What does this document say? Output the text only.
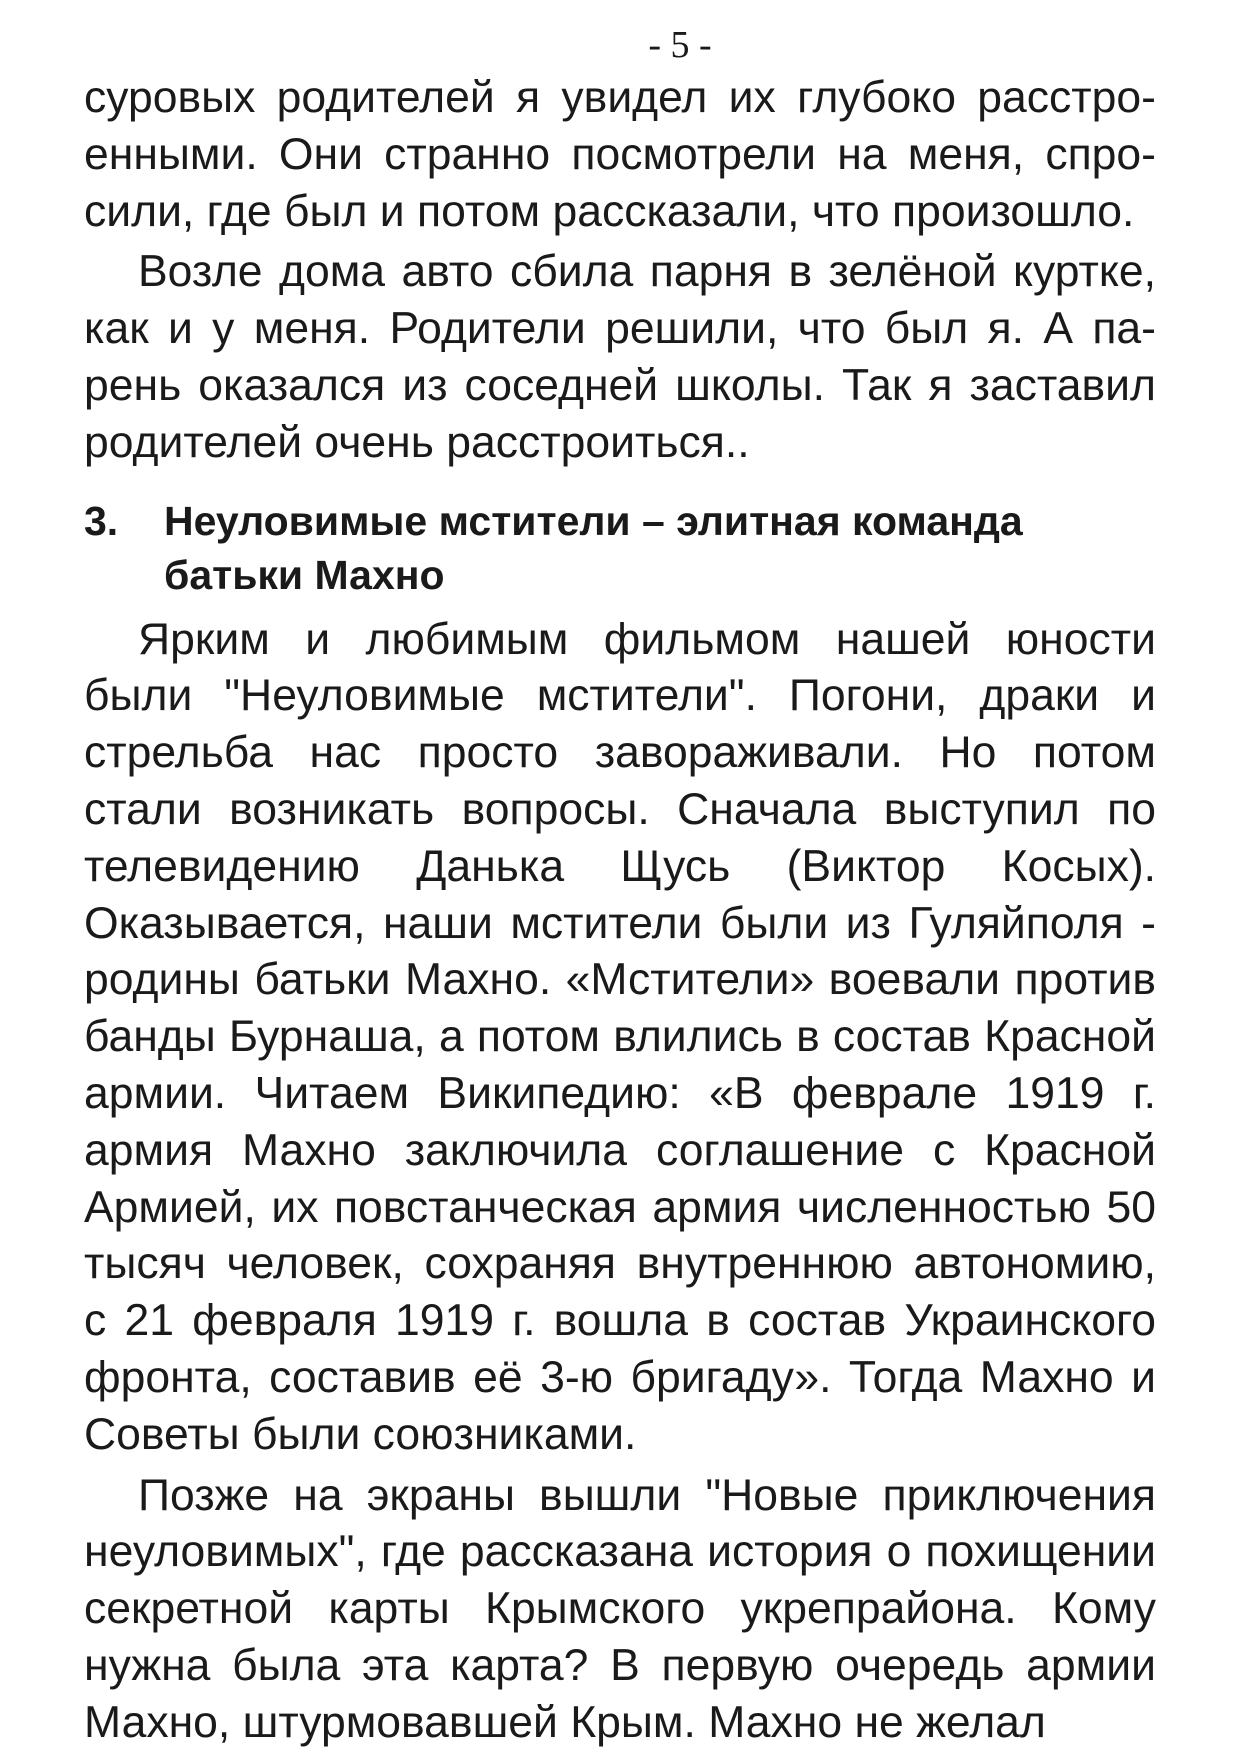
- 5 -

суровых родителей я увидел их глубоко расстроенными. Они странно посмотрели на меня, спросили, где был и потом рассказали, что произошло.

Возле дома авто сбила парня в зелёной куртке, как и у меня. Родители решили, что был я. А парень оказался из соседней школы. Так я заставил родителей очень расстроиться..

3.	Неуловимые мстители – элитная команда батьки Махно

Ярким и любимым фильмом нашей юности были "Неуловимые мстители". Погони, драки и стрельба нас просто завораживали. Но потом стали возникать вопросы. Сначала выступил по телевидению Данька Щусь (Виктор Косых). Оказывается, наши мстители были из Гуляйполя - родины батьки Махно. «Мстители» воевали против банды Бурнаша, а потом влились в состав Красной армии. Читаем Википедию: «В феврале 1919 г. армия Махно заключила соглашение с Красной Армией, их повстанческая армия численностью 50 тысяч человек, сохраняя внутреннюю автономию, с 21 февраля 1919 г. вошла в состав Украинского фронта, составив её 3-ю бригаду». Тогда Махно и Советы были союзниками.

Позже на экраны вышли "Новые приключения неуловимых", где рассказана история о похищении секретной карты Крымского укрепрайона. Кому нужна была эта карта? В первую очередь армии Махно, штурмовавшей Крым. Махно не желал
